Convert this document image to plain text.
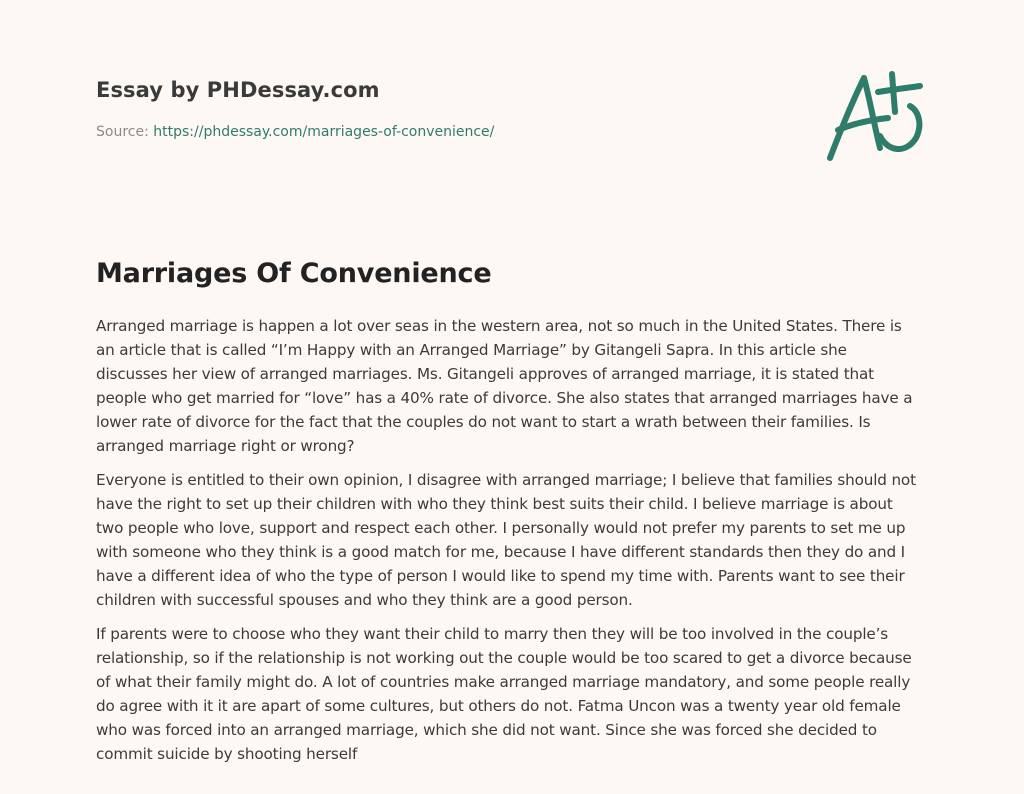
Essay by PHDessay.com
Source: https://phdessay.com/marriages-of-convenience/
Marriages Of Convenience

Arranged marriage is happen a lot over seas in the western area, not so much in the United States. There is an article that is called “I’m Happy with an Arranged Marriage” by Gitangeli Sapra. In this article she discusses her view of arranged marriages. Ms. Gitangeli approves of arranged marriage, it is stated that people who get married for “love” has a 40% rate of divorce. She also states that arranged marriages have a lower rate of divorce for the fact that the couples do not want to start a wrath between their families. Is arranged marriage right or wrong?

Everyone is entitled to their own opinion, I disagree with arranged marriage; I believe that families should not have the right to set up their children with who they think best suits their child. I believe marriage is about two people who love, support and respect each other. I personally would not prefer my parents to set me up with someone who they think is a good match for me, because I have different standards then they do and I have a different idea of who the type of person I would like to spend my time with. Parents want to see their children with successful spouses and who they think are a good person.

If parents were to choose who they want their child to marry then they will be too involved in the couple’s relationship, so if the relationship is not working out the couple would be too scared to get a divorce because of what their family might do. A lot of countries make arranged marriage mandatory, and some people really do agree with it it are apart of some cultures, but others do not. Fatma Uncon was a twenty year old female who was forced into an arranged marriage, which she did not want. Since she was forced she decided to commit suicide by shooting herself
